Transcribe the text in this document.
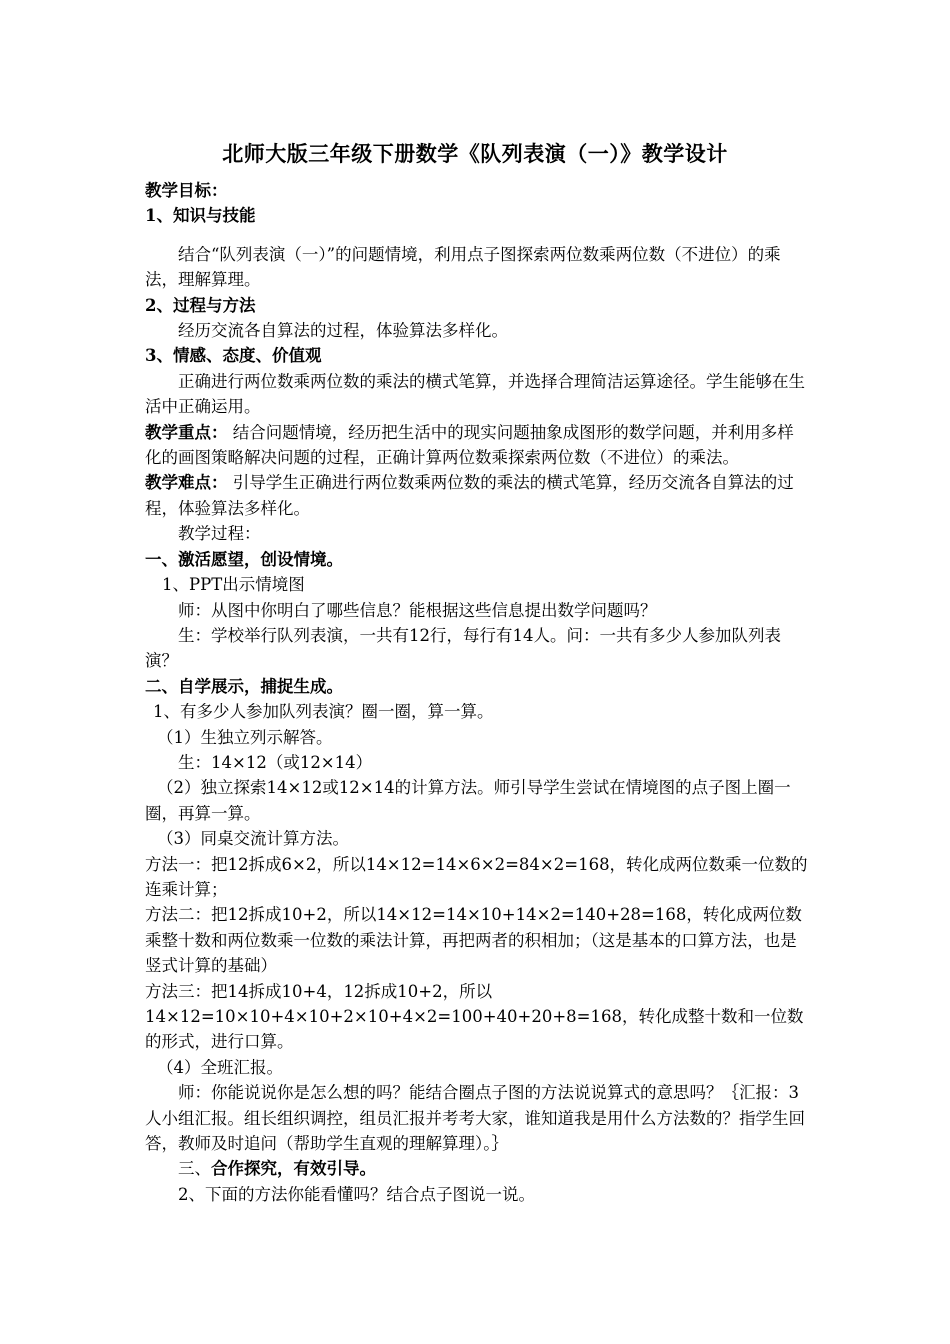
北师大版三年级下册数学《队列表演（一）》教学设计

教学目标：

1、知识与技能

结合“队列表演（一）”的问题情境，利用点子图探索两位数乘两位数（不进位）的乘法，理解算理。

2、过程与方法

经历交流各自算法的过程，体验算法多样化。

3、情感、态度、价值观

正确进行两位数乘两位数的乘法的横式笔算，并选择合理简洁运算途径。学生能够在生活中正确运用。

教学重点： 结合问题情境，经历把生活中的现实问题抽象成图形的数学问题，并利用多样化的画图策略解决问题的过程，正确计算两位数乘探索两位数（不进位）的乘法。

教学难点： 引导学生正确进行两位数乘两位数的乘法的横式笔算，经历交流各自算法的过程，体验算法多样化。

教学过程：

一、激活愿望，创设情境。

1、PPT出示情境图

师：从图中你明白了哪些信息？能根据这些信息提出数学问题吗？

生：学校举行队列表演，一共有12行，每行有14人。问：一共有多少人参加队列表演？

二、自学展示，捕捉生成。

1、有多少人参加队列表演？圈一圈，算一算。

（1）生独立列示解答。

生：14×12（或12×14）

（2）独立探索14×12或12×14的计算方法。师引导学生尝试在情境图的点子图上圈一圈，再算一算。

（3）同桌交流计算方法。

方法一：把12拆成6×2，所以14×12=14×6×2=84×2=168，转化成两位数乘一位数的连乘计算；

方法二：把12拆成10+2，所以14×12=14×10+14×2=140+28=168，转化成两位数乘整十数和两位数乘一位数的乘法计算，再把两者的积相加；（这是基本的口算方法，也是竖式计算的基础）

方法三：把14拆成10+4，12拆成10+2，所以14×12=10×10+4×10+2×10+4×2=100+40+20+8=168，转化成整十数和一位数的形式，进行口算。

（4）全班汇报。

师：你能说说你是怎么想的吗？能结合圈点子图的方法说说算式的意思吗？｛汇报：3人小组汇报。组长组织调控，组员汇报并考考大家，谁知道我是用什么方法数的？指学生回答，教师及时追问（帮助学生直观的理解算理）。｝

三、合作探究，有效引导。

2、下面的方法你能看懂吗？结合点子图说一说。
